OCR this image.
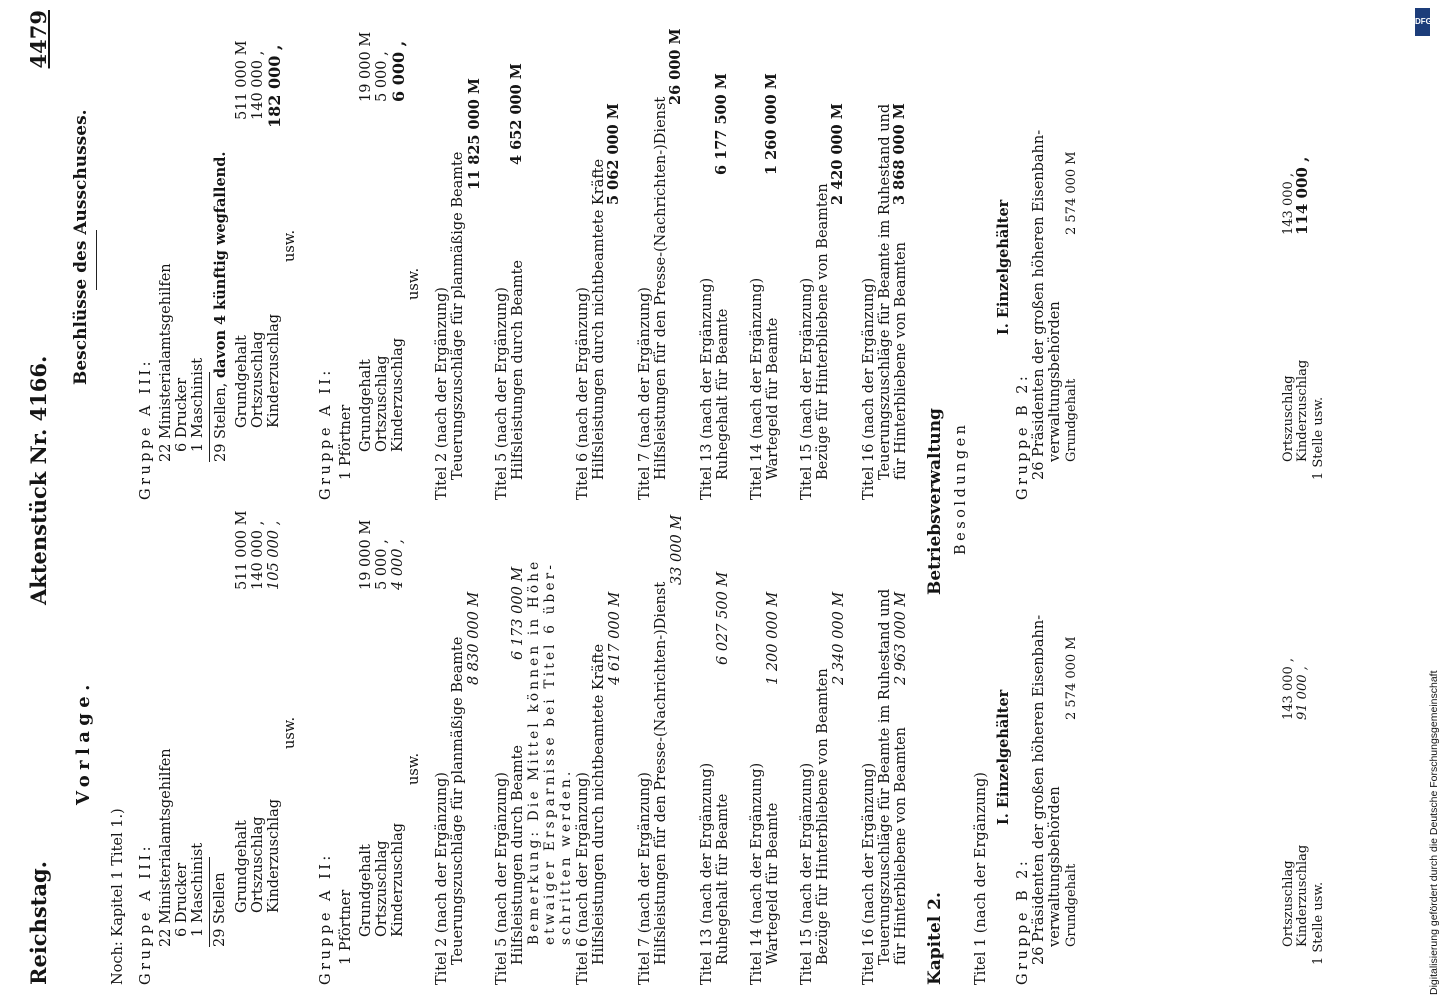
Reichstag.
Aktenstück Nr. 4166.
4479
Vorlage.
Noch: Kapitel 1 Titel 1.) Gruppe A III: 22 Ministerialamtsgehilfen 6 Drucker 1 Maschinist 29 Stellen Grundgehalt Ortszuschlag Kinderzuschlag
511 000 M 140 000 , 105 000 ,
usw.
Gruppe A II: 1 Pförtner Grundgehalt Ortszuschlag Kinderzuschlag
19 000 M 5 000 , 4 000 ,
usw.
Titel 2 (nach der Ergänzung) Teuerungszuschläge für planmäßige Beamte 8 830 000 M
Titel 5 (nach der Ergänzung) Hilfsleistungen durch Beamte
6 173 000 M Bemerkung: Die Mittel können in Höhe etwaiger Ersparnisse bei Titel 6 über- schritten werden.
Beschlüsse des Ausschusses.
Gruppe A III: 22 Ministerialamtsgehilfen 6 Drucker 1 Maschinist 29 Stellen, davon 4 künftig wegfallend.
Grundgehalt Ortszuschlag Kinderzuschlag
511 000 M 140 000 , 182 000 ,
usw.
Gruppe A II: 1 Pförtner Grundgehalt Ortszuschlag Kinderzuschlag
19 000 M 5 000 , 6 000 ,
usw.
Titel 2 (nach der Ergänzung) Teuerungszuschläge für planmäßige Beamte
11 825 000 M
Titel 5 (nach der Ergänzung) Hilfsleistungen durch Beamte
4 652 000 M
Titel 6 (nach der Ergänzung) Hilfsleistungen durch nichtbeamtete Kräfte
4 617 000 M
Titel 7 (nach der Ergänzung) Hilfsleistungen für den Presse-(Nachrichten-)Dienst
33 000 M
Titel 13 (nach der Ergänzung) Ruhegehalt für Beamte
6 027 500 M
Titel 14 (nach der Ergänzung) Wartegeld für Beamte
1 200 000 M
Titel 15 (nach der Ergänzung) Bezüge für Hinterbliebene von Beamten
2 340 000 M
Titel 16 (nach der Ergänzung) Teuerungszuschläge für Beamte im Ruhestand und für Hinterbliebene von Beamten
2 963 000 M
Titel 6 (nach der Ergänzung) Hilfsleistungen durch nichtbeamtete Kräfte
5 062 000 M
Titel 7 (nach der Ergänzung) Hilfsleistungen für den Presse-(Nachrichten-)Dienst
26 000 M
Titel 13 (nach der Ergänzung) Ruhegehalt für Beamte
6 177 500 M
Titel 14 (nach der Ergänzung) Wartegeld für Beamte
1 260 000 M
Titel 15 (nach der Ergänzung) Bezüge für Hinterbliebene von Beamten
2 420 000 M
Titel 16 (nach der Ergänzung) Teuerungszuschläge für Beamte im Ruhestand und für Hinterbliebene von Beamten
3 868 000 M
Kapitel 2.
Betriebsverwaltung Besoldungen
Titel 1 (nach der Ergänzung)
I. Einzelgehälter
Gruppe B 2: 26 Präsidenten der großen höheren Eisenbahn- verwaltungsbehörden Grundgehalt
2 574 000 M
I. Einzelgehälter
Gruppe B 2: 26 Präsidenten der großen höheren Eisenbahn- verwaltungsbehörden Grundgehalt
2 574 000 M
Ortszuschlag
143 000 ,
Kinderzuschlag
91 000 ,
1 Stelle usw.
Ortszuschlag
143 000 ,
Kinderzuschlag
114 000 ,
1 Stelle usw.
DFG
Digitalisierung gefördert durch die Deutsche Forschungsgemeinschaft
